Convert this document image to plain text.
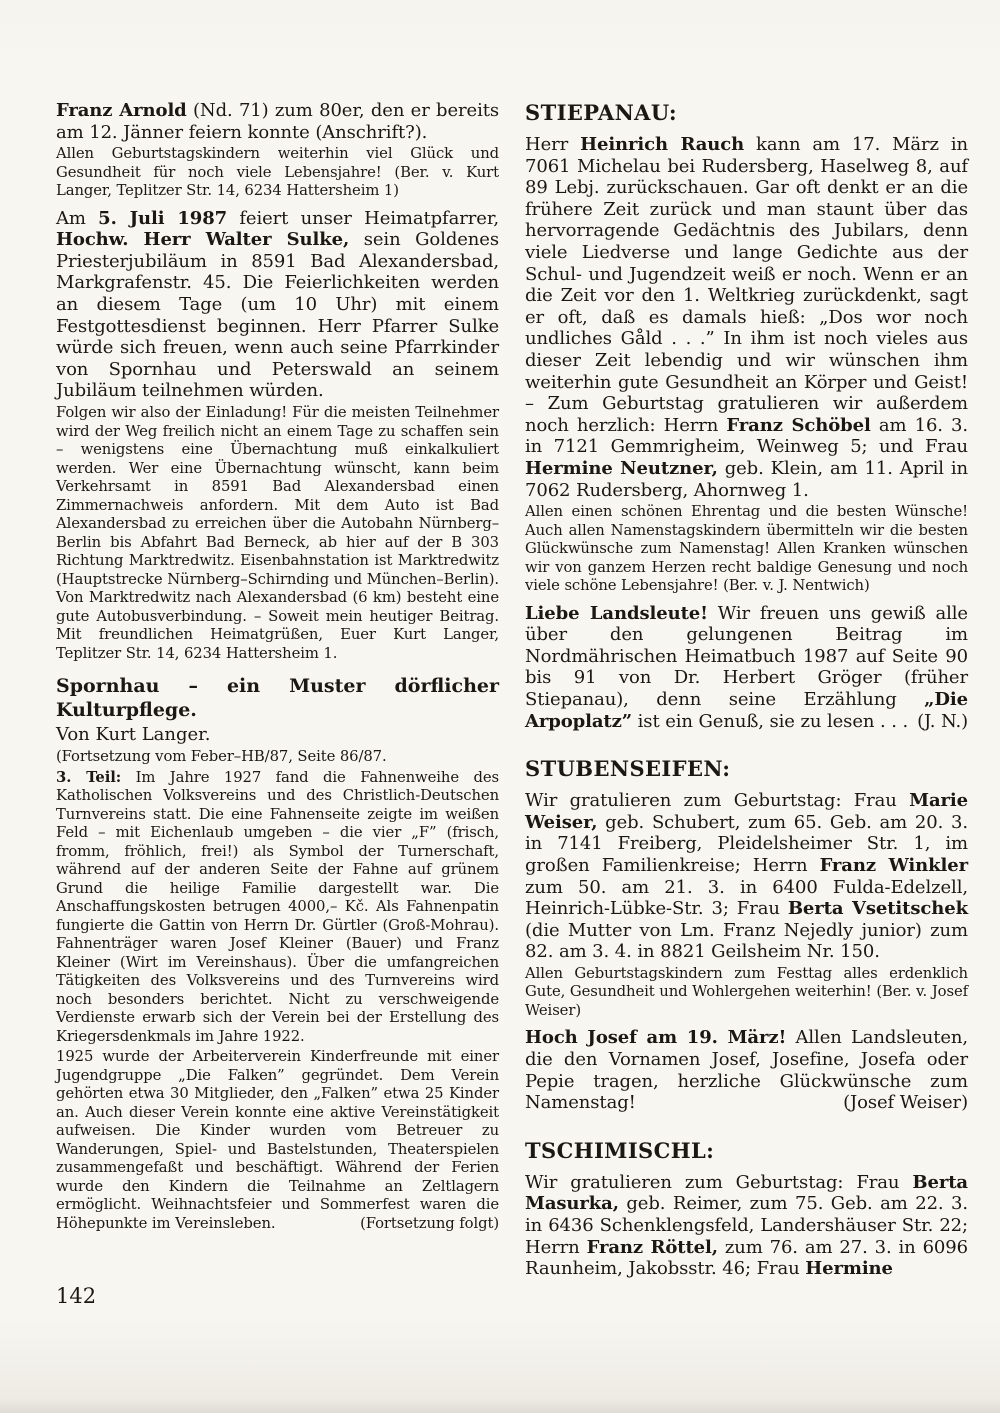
Franz Arnold (Nd. 71) zum 80er, den er bereits am 12. Jänner feiern konnte (Anschrift?).
Allen Geburtstagskindern weiterhin viel Glück und Gesundheit für noch viele Lebensjahre! (Ber. v. Kurt Langer, Teplitzer Str. 14, 6234 Hattersheim 1)
Am 5. Juli 1987 feiert unser Heimatpfarrer, Hochw. Herr Walter Sulke, sein Goldenes Priesterjubiläum in 8591 Bad Alexandersbad, Markgrafenstr. 45. Die Feierlichkeiten werden an diesem Tage (um 10 Uhr) mit einem Festgottesdienst beginnen. Herr Pfarrer Sulke würde sich freuen, wenn auch seine Pfarrkinder von Spornhau und Peterswald an seinem Jubiläum teilnehmen würden.
Folgen wir also der Einladung! Für die meisten Teilnehmer wird der Weg freilich nicht an einem Tage zu schaffen sein – wenigstens eine Übernachtung muß einkalkuliert werden. Wer eine Übernachtung wünscht, kann beim Verkehrsamt in 8591 Bad Alexandersbad einen Zimmernachweis anfordern. Mit dem Auto ist Bad Alexandersbad zu erreichen über die Autobahn Nürnberg–Berlin bis Abfahrt Bad Berneck, ab hier auf der B 303 Richtung Marktredwitz. Eisenbahnstation ist Marktredwitz (Hauptstrecke Nürnberg–Schirnding und München–Berlin). Von Marktredwitz nach Alexandersbad (6 km) besteht eine gute Autobusverbindung. – Soweit mein heutiger Beitrag. Mit freundlichen Heimatgrüßen, Euer Kurt Langer, Teplitzer Str. 14, 6234 Hattersheim 1.
Spornhau – ein Muster dörflicher Kulturpflege.
Von Kurt Langer.
(Fortsetzung vom Feber–HB/87, Seite 86/87.
3. Teil: Im Jahre 1927 fand die Fahnenweihe des Katholischen Volksvereins und des Christlich-Deutschen Turnvereins statt. Die eine Fahnenseite zeigte im weißen Feld – mit Eichenlaub umgeben – die vier „F” (frisch, fromm, fröhlich, frei!) als Symbol der Turnerschaft, während auf der anderen Seite der Fahne auf grünem Grund die heilige Familie dargestellt war. Die Anschaffungskosten betrugen 4000,– Kč. Als Fahnenpatin fungierte die Gattin von Herrn Dr. Gürtler (Groß-Mohrau). Fahnenträger waren Josef Kleiner (Bauer) und Franz Kleiner (Wirt im Vereinshaus). Über die umfangreichen Tätigkeiten des Volksvereins und des Turnvereins wird noch besonders berichtet. Nicht zu verschweigende Verdienste erwarb sich der Verein bei der Erstellung des Kriegersdenkmals im Jahre 1922.
1925 wurde der Arbeiterverein Kinderfreunde mit einer Jugendgruppe „Die Falken” gegründet. Dem Verein gehörten etwa 30 Mitglieder, den „Falken” etwa 25 Kinder an. Auch dieser Verein konnte eine aktive Vereinstätigkeit aufweisen. Die Kinder wurden vom Betreuer zu Wanderungen, Spiel- und Bastelstunden, Theaterspielen zusammengefaßt und beschäftigt. Während der Ferien wurde den Kindern die Teilnahme an Zeltlagern ermöglicht. Weihnachtsfeier und Sommerfest waren die Höhepunkte im Vereinsleben.	(Fortsetzung folgt)
STIEPANAU:
Herr Heinrich Rauch kann am 17. März in 7061 Michelau bei Rudersberg, Haselweg 8, auf 89 Lebj. zurückschauen. Gar oft denkt er an die frühere Zeit zurück und man staunt über das hervorragende Gedächtnis des Jubilars, denn viele Liedverse und lange Gedichte aus der Schul- und Jugendzeit weiß er noch. Wenn er an die Zeit vor den 1. Weltkrieg zurückdenkt, sagt er oft, daß es damals hieß: „Dos wor noch undliches Gåld . . .” In ihm ist noch vieles aus dieser Zeit lebendig und wir wünschen ihm weiterhin gute Gesundheit an Körper und Geist! – Zum Geburtstag gratulieren wir außerdem noch herzlich: Herrn Franz Schöbel am 16. 3. in 7121 Gemmrigheim, Weinweg 5; und Frau Hermine Neutzner, geb. Klein, am 11. April in 7062 Rudersberg, Ahornweg 1.
Allen einen schönen Ehrentag und die besten Wünsche! Auch allen Namenstagskindern übermitteln wir die besten Glückwünsche zum Namenstag! Allen Kranken wünschen wir von ganzem Herzen recht baldige Genesung und noch viele schöne Lebensjahre! (Ber. v. J. Nentwich)
Liebe Landsleute! Wir freuen uns gewiß alle über den gelungenen Beitrag im Nordmährischen Heimatbuch 1987 auf Seite 90 bis 91 von Dr. Herbert Gröger (früher Stiepanau), denn seine Erzählung „Die Arpoplatz” ist ein Genuß, sie zu lesen . . . (J. N.)
STUBENSEIFEN:
Wir gratulieren zum Geburtstag: Frau Marie Weiser, geb. Schubert, zum 65. Geb. am 20. 3. in 7141 Freiberg, Pleidelsheimer Str. 1, im großen Familienkreise; Herrn Franz Winkler zum 50. am 21. 3. in 6400 Fulda-Edelzell, Heinrich-Lübke-Str. 3; Frau Berta Vsetitschek (die Mutter von Lm. Franz Nejedly junior) zum 82. am 3. 4. in 8821 Geilsheim Nr. 150.
Allen Geburtstagskindern zum Festtag alles erdenklich Gute, Gesundheit und Wohlergehen weiterhin! (Ber. v. Josef Weiser)
Hoch Josef am 19. März! Allen Landsleuten, die den Vornamen Josef, Josefine, Josefa oder Pepie tragen, herzliche Glückwünsche zum Namenstag!	(Josef Weiser)
TSCHIMISCHL:
Wir gratulieren zum Geburtstag: Frau Berta Masurka, geb. Reimer, zum 75. Geb. am 22. 3. in 6436 Schenklengsfeld, Landershäuser Str. 22; Herrn Franz Röttel, zum 76. am 27. 3. in 6096 Raunheim, Jakobsstr. 46; Frau Hermine
142
